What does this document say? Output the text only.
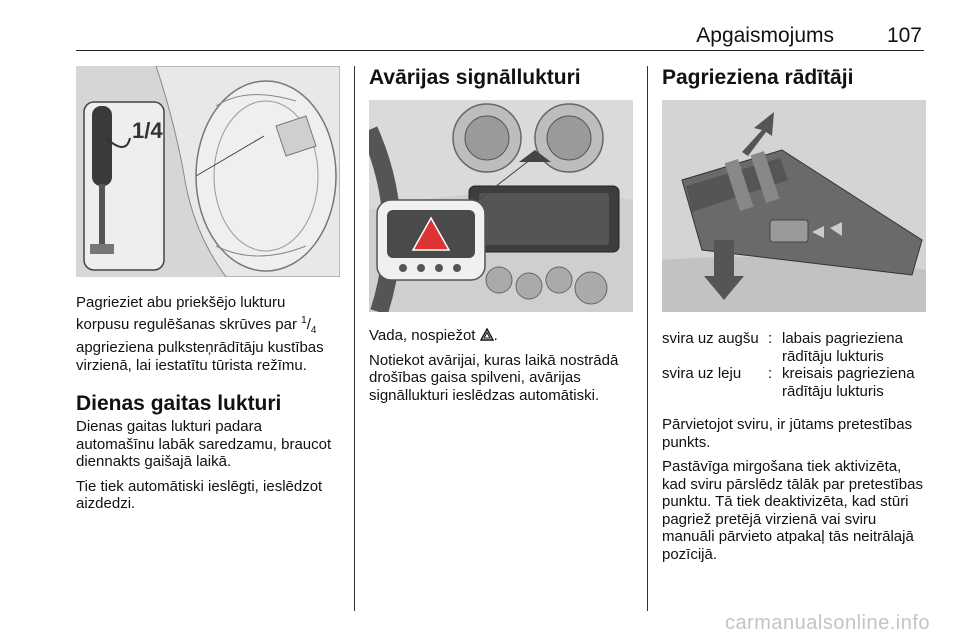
Apgaismojums	107
1/4

Pagrieziet abu priekšējo lukturu korpusu regulēšanas skrūves par $^1/_4$ apgrieziena pulksteņrādītāju kustības virzienā, lai iestatītu tūrista režīmu.

Dienas gaitas lukturi

Dienas gaitas lukturi padara automašīnu labāk saredzamu, braucot diennakts gaišajā laikā.

Tie tiek automātiski ieslēgti, ieslēdzot aizdedzi.

Avārijas signāllukturi

Vada, nospiežot .

Notiekot avārijai, kuras laikā nostrādā drošības gaisa spilveni, avārijas signāllukturi ieslēdzas automātiski.

Pagrieziena rādītāji
svira uz augšu : labais pagrieziena rādītāju lukturis
svira uz leju	: kreisais pagrieziena rādītāju lukturis

Pārvietojot sviru, ir jūtams pretestības punkts.

Pastāvīga mirgošana tiek aktivizēta, kad sviru pārslēdz tālāk par pretestības punktu. Tā tiek deaktivizēta, kad stūri pagriež pretējā virzienā vai sviru manuāli pārvieto atpakaļ tās neitrālajā pozīcijā.

carmanualsonline.info
